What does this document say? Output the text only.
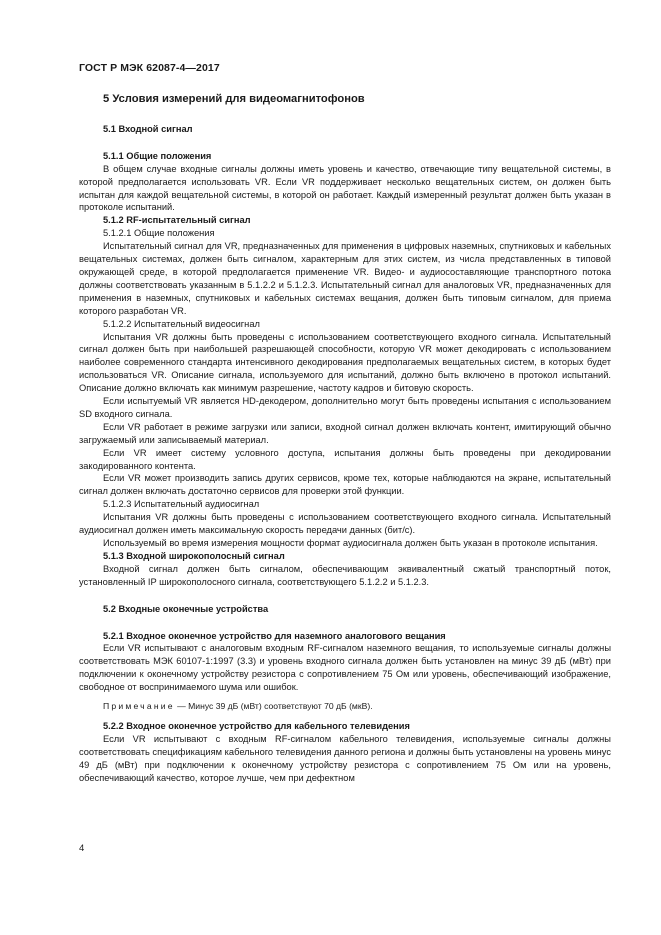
ГОСТ Р МЭК 62087-4—2017

5 Условия измерений для видеомагнитофонов

5.1 Входной сигнал

5.1.1 Общие положения

В общем случае входные сигналы должны иметь уровень и качество, отвечающие типу вещательной системы, в которой предполагается использовать VR. Если VR поддерживает несколько вещательных систем, он должен быть испытан для каждой вещательной системы, в которой он работает. Каждый измеренный результат должен быть указан в протоколе испытаний.

5.1.2 RF-испытательный сигнал

5.1.2.1 Общие положения

Испытательный сигнал для VR, предназначенных для применения в цифровых наземных, спутниковых и кабельных вещательных системах, должен быть сигналом, характерным для этих систем, из числа представленных в типовой окружающей среде, в которой предполагается применение VR. Видео- и аудиосоставляющие транспортного потока должны соответствовать указанным в 5.1.2.2 и 5.1.2.3. Испытательный сигнал для аналоговых VR, предназначенных для применения в наземных, спутниковых и кабельных системах вещания, должен быть типовым сигналом, для приема которого разработан VR.

5.1.2.2 Испытательный видеосигнал

Испытания VR должны быть проведены с использованием соответствующего входного сигнала. Испытательный сигнал должен быть при наибольшей разрешающей способности, которую VR может декодировать с использованием наиболее современного стандарта интенсивного декодирования предполагаемых вещательных систем, в которых будет использоваться VR. Описание сигнала, используемого для испытаний, должно быть включено в протокол испытаний. Описание должно включать как минимум разрешение, частоту кадров и битовую скорость.

Если испытуемый VR является HD-декодером, дополнительно могут быть проведены испытания с использованием SD входного сигнала.

Если VR работает в режиме загрузки или записи, входной сигнал должен включать контент, имитирующий обычно загружаемый или записываемый материал.

Если VR имеет систему условного доступа, испытания должны быть проведены при декодировании закодированного контента.

Если VR может производить запись других сервисов, кроме тех, которые наблюдаются на экране, испытательный сигнал должен включать достаточно сервисов для проверки этой функции.

5.1.2.3 Испытательный аудиосигнал

Испытания VR должны быть проведены с использованием соответствующего входного сигнала. Испытательный аудиосигнал должен иметь максимальную скорость передачи данных (бит/с).

Используемый во время измерения мощности формат аудиосигнала должен быть указан в протоколе испытания.

5.1.3 Входной широкополосный сигнал

Входной сигнал должен быть сигналом, обеспечивающим эквивалентный сжатый транспортный поток, установленный IP широкополосного сигнала, соответствующего 5.1.2.2 и 5.1.2.3.

5.2 Входные оконечные устройства

5.2.1 Входное оконечное устройство для наземного аналогового вещания

Если VR испытывают с аналоговым входным RF-сигналом наземного вещания, то используемые сигналы должны соответствовать МЭК 60107-1:1997 (3.3) и уровень входного сигнала должен быть установлен на минус 39 дБ (мВт) при подключении к оконечному устройству резистора с сопротивлением 75 Ом или уровень, обеспечивающий изображение, свободное от воспринимаемого шума или ошибок.

Примечание — Минус 39 дБ (мВт) соответствуют 70 дБ (мкВ).

5.2.2 Входное оконечное устройство для кабельного телевидения

Если VR испытывают с входным RF-сигналом кабельного телевидения, используемые сигналы должны соответствовать спецификациям кабельного телевидения данного региона и должны быть установлены на уровень минус 49 дБ (мВт) при подключении к оконечному устройству резистора с сопротивлением 75 Ом или на уровень, обеспечивающий качество, которое лучше, чем при дефектном

4
